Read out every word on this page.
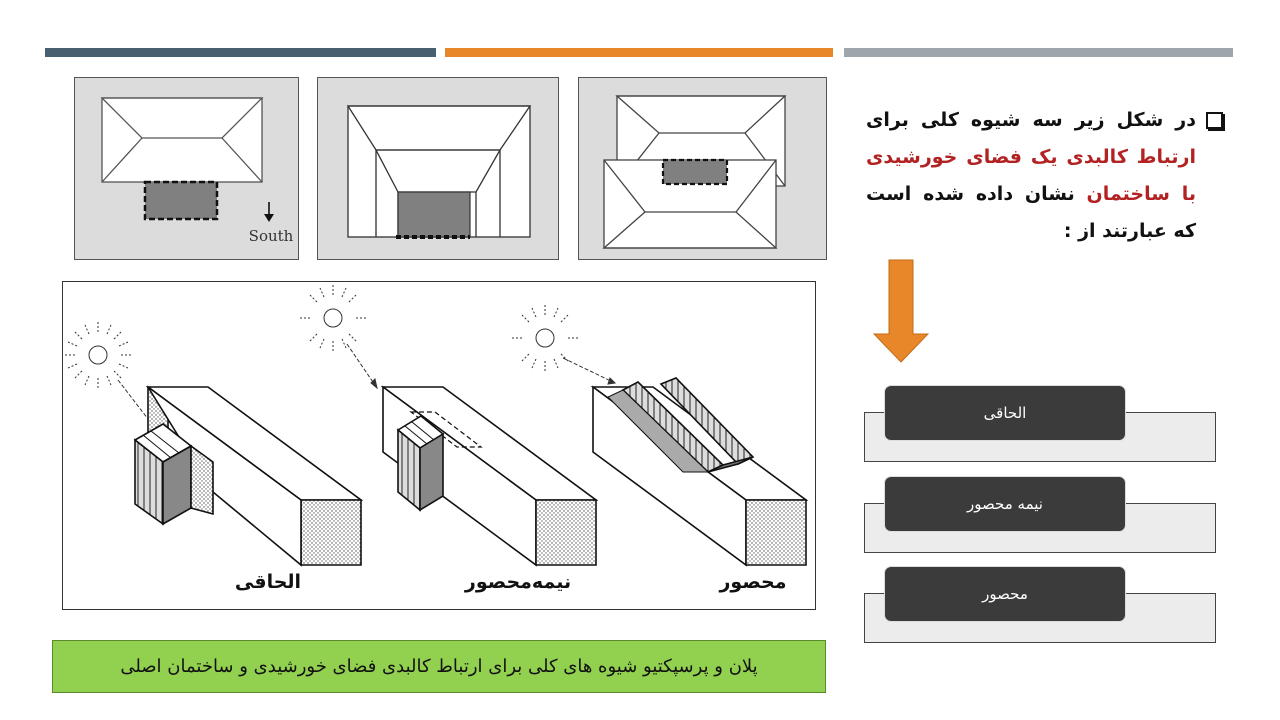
South
الحاقی	نیمه‌محصور	محصور
پلان و پرسپکتیو شیوه های کلی برای ارتباط کالبدی فضای خورشیدی و ساختمان اصلی
در شکل زیر سه شیوه کلی برای ارتباط کالبدی یک فضای خورشیدی با ساختمان نشان داده شده است که عبارتند از :
الحاقی
نیمه محصور
محصور
